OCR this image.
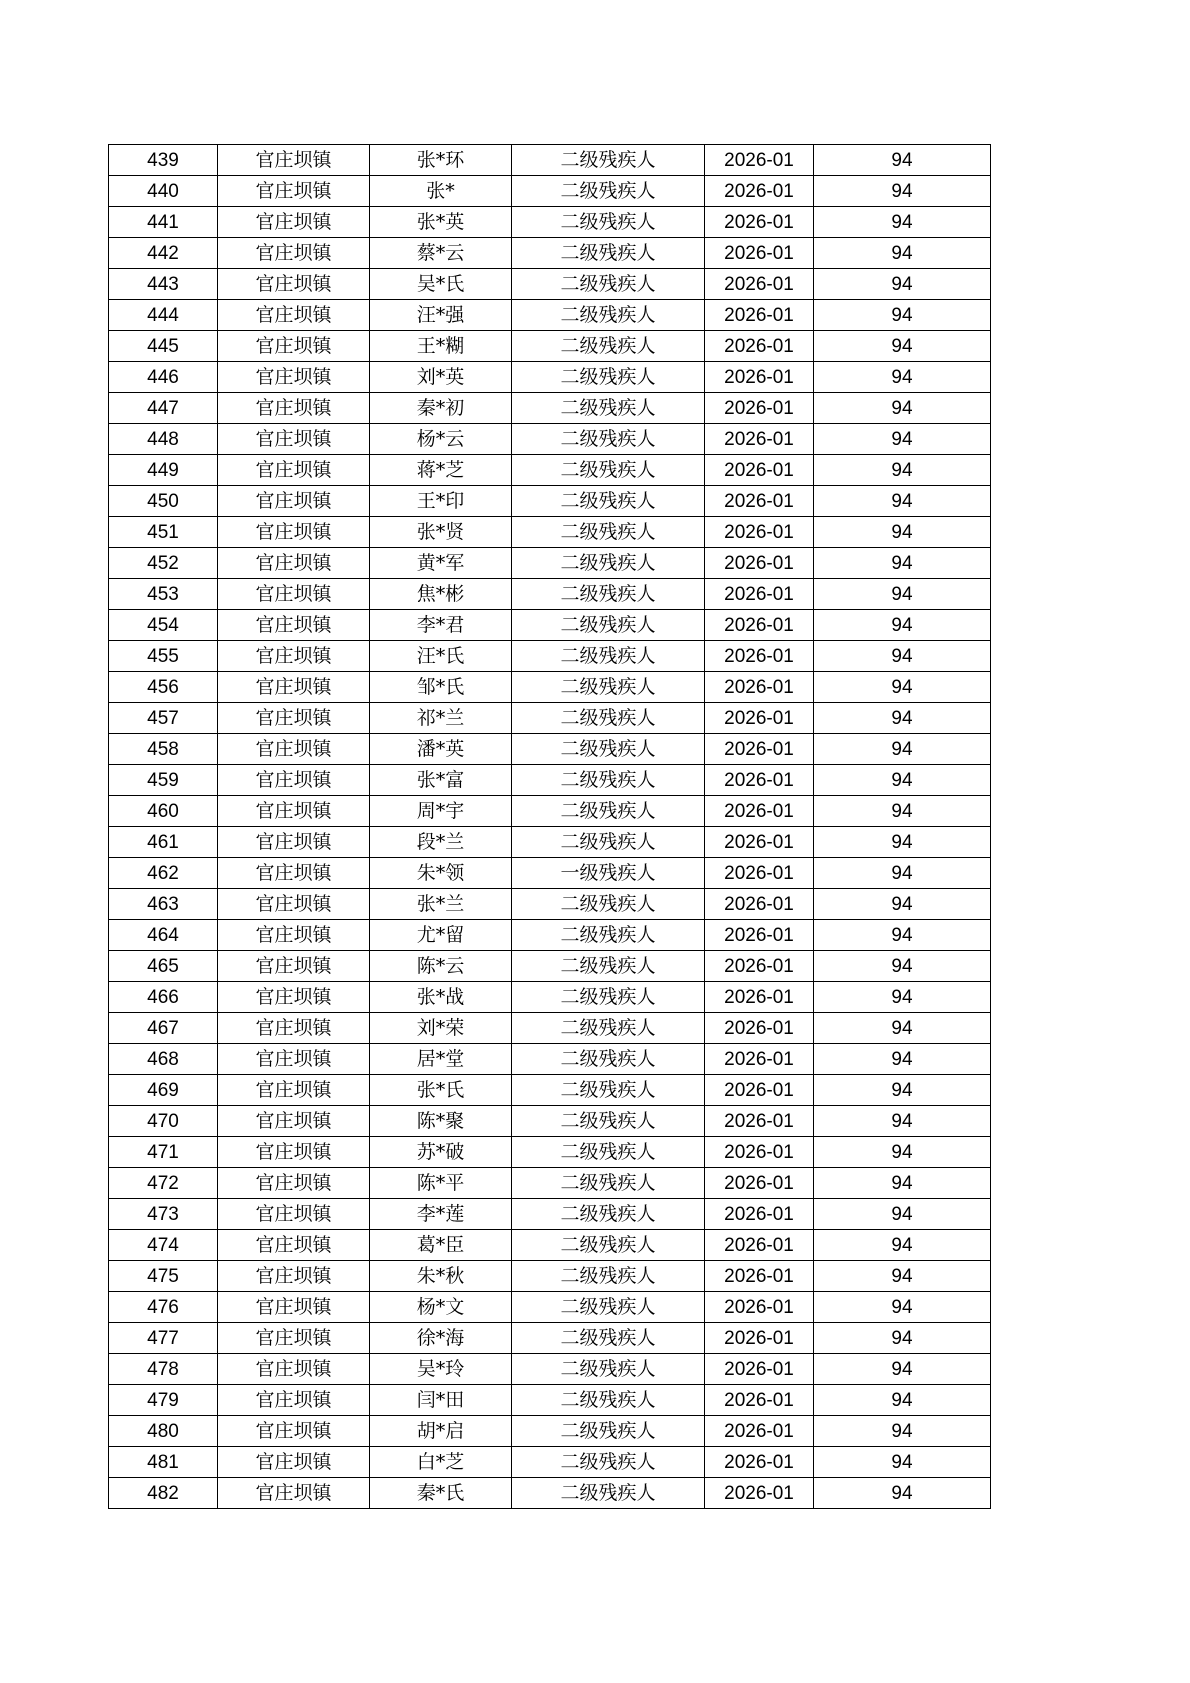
439	官庄坝镇	张*环	二级残疾人	2026-01	94
440	官庄坝镇	张*	二级残疾人	2026-01	94
441	官庄坝镇	张*英	二级残疾人	2026-01	94
442	官庄坝镇	蔡*云	二级残疾人	2026-01	94
443	官庄坝镇	吴*氏	二级残疾人	2026-01	94
444	官庄坝镇	汪*强	二级残疾人	2026-01	94
445	官庄坝镇	王*糊	二级残疾人	2026-01	94
446	官庄坝镇	刘*英	二级残疾人	2026-01	94
447	官庄坝镇	秦*初	二级残疾人	2026-01	94
448	官庄坝镇	杨*云	二级残疾人	2026-01	94
449	官庄坝镇	蒋*芝	二级残疾人	2026-01	94
450	官庄坝镇	王*印	二级残疾人	2026-01	94
451	官庄坝镇	张*贤	二级残疾人	2026-01	94
452	官庄坝镇	黄*军	二级残疾人	2026-01	94
453	官庄坝镇	焦*彬	二级残疾人	2026-01	94
454	官庄坝镇	李*君	二级残疾人	2026-01	94
455	官庄坝镇	汪*氏	二级残疾人	2026-01	94
456	官庄坝镇	邹*氏	二级残疾人	2026-01	94
457	官庄坝镇	祁*兰	二级残疾人	2026-01	94
458	官庄坝镇	潘*英	二级残疾人	2026-01	94
459	官庄坝镇	张*富	二级残疾人	2026-01	94
460	官庄坝镇	周*宇	二级残疾人	2026-01	94
461	官庄坝镇	段*兰	二级残疾人	2026-01	94
462	官庄坝镇	朱*领	一级残疾人	2026-01	94
463	官庄坝镇	张*兰	二级残疾人	2026-01	94
464	官庄坝镇	尤*留	二级残疾人	2026-01	94
465	官庄坝镇	陈*云	二级残疾人	2026-01	94
466	官庄坝镇	张*战	二级残疾人	2026-01	94
467	官庄坝镇	刘*荣	二级残疾人	2026-01	94
468	官庄坝镇	居*堂	二级残疾人	2026-01	94
469	官庄坝镇	张*氏	二级残疾人	2026-01	94
470	官庄坝镇	陈*聚	二级残疾人	2026-01	94
471	官庄坝镇	苏*破	二级残疾人	2026-01	94
472	官庄坝镇	陈*平	二级残疾人	2026-01	94
473	官庄坝镇	李*莲	二级残疾人	2026-01	94
474	官庄坝镇	葛*臣	二级残疾人	2026-01	94
475	官庄坝镇	朱*秋	二级残疾人	2026-01	94
476	官庄坝镇	杨*文	二级残疾人	2026-01	94
477	官庄坝镇	徐*海	二级残疾人	2026-01	94
478	官庄坝镇	吴*玲	二级残疾人	2026-01	94
479	官庄坝镇	闫*田	二级残疾人	2026-01	94
480	官庄坝镇	胡*启	二级残疾人	2026-01	94
481	官庄坝镇	白*芝	二级残疾人	2026-01	94
482	官庄坝镇	秦*氏	二级残疾人	2026-01	94
